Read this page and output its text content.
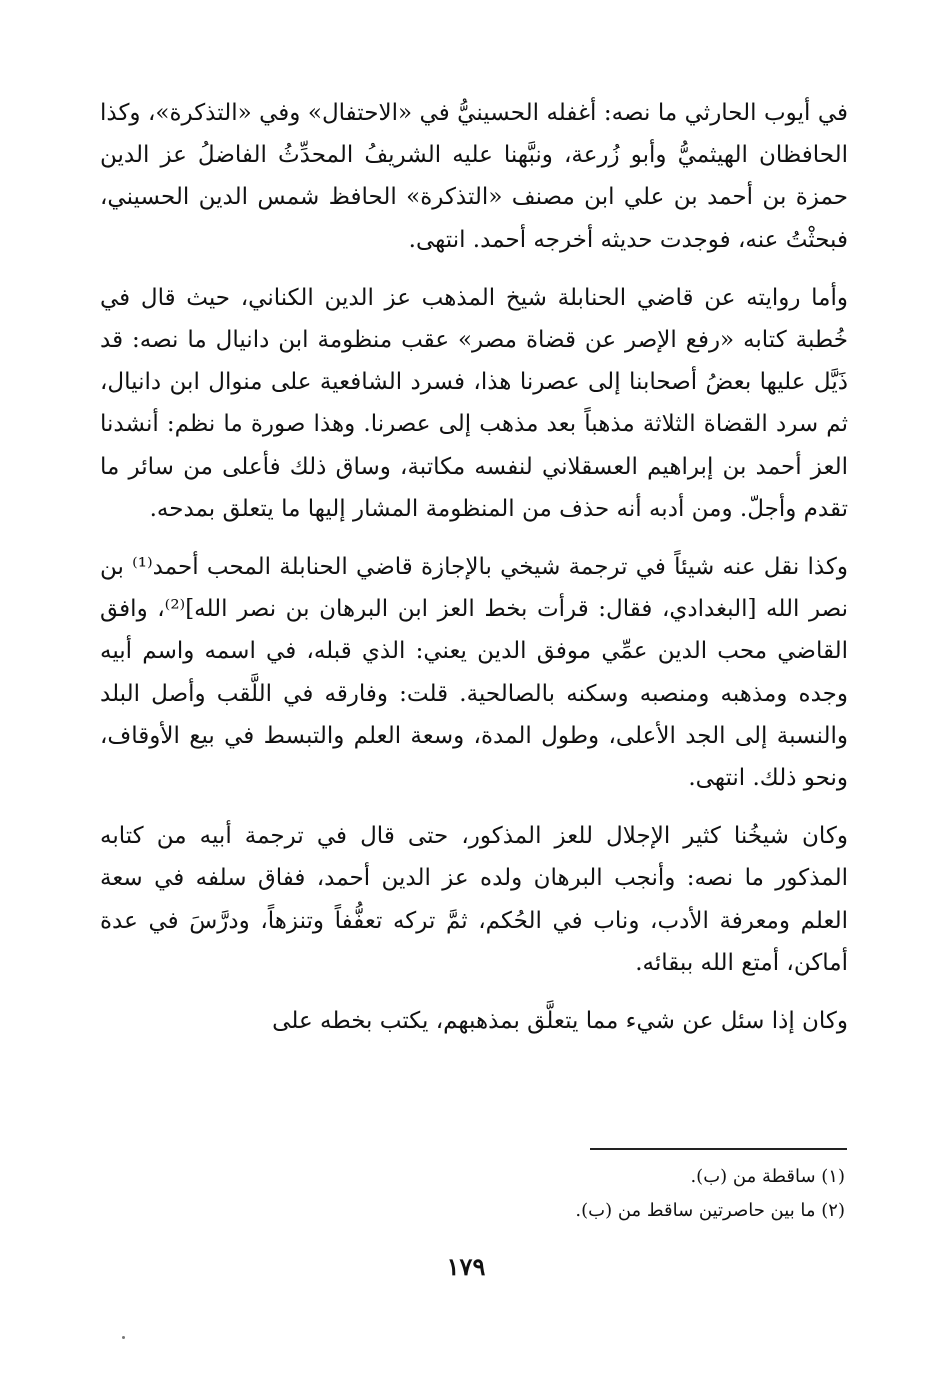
في أيوب الحارثي ما نصه: أغفله الحسينيُّ في «الاحتفال» وفي «التذكرة»، وكذا الحافظان الهيثميُّ وأبو زُرعة، ونبَّهنا عليه الشريفُ المحدِّثُ الفاضلُ عز الدين حمزة بن أحمد بن علي ابن مصنف «التذكرة» الحافظ شمس الدين الحسيني، فبحثْتُ عنه، فوجدت حديثه أخرجه أحمد. انتهى.

وأما روايته عن قاضي الحنابلة شيخ المذهب عز الدين الكناني، حيث قال في خُطبة كتابه «رفع الإصر عن قضاة مصر» عقب منظومة ابن دانيال ما نصه: قد ذَيَّل عليها بعضُ أصحابنا إلى عصرنا هذا، فسرد الشافعية على منوال ابن دانيال، ثم سرد القضاة الثلاثة مذهباً بعد مذهب إلى عصرنا. وهذا صورة ما نظم: أنشدنا العز أحمد بن إبراهيم العسقلاني لنفسه مكاتبة، وساق ذلك فأعلى من سائر ما تقدم وأجلّ. ومن أدبه أنه حذف من المنظومة المشار إليها ما يتعلق بمدحه.

وكذا نقل عنه شيئاً في ترجمة شيخي بالإجازة قاضي الحنابلة المحب أحمد⁽¹⁾ بن نصر الله [البغدادي، فقال: قرأت بخط العز ابن البرهان بن نصر الله]⁽²⁾، وافق القاضي محب الدين عمِّي موفق الدين يعني: الذي قبله، في اسمه واسم أبيه وجده ومذهبه ومنصبه وسكنه بالصالحية. قلت: وفارقه في اللَّقب وأصل البلد والنسبة إلى الجد الأعلى، وطول المدة، وسعة العلم والتبسط في بيع الأوقاف، ونحو ذلك. انتهى.

وكان شيخُنا كثير الإجلال للعز المذكور، حتى قال في ترجمة أبيه من كتابه المذكور ما نصه: وأنجب البرهان ولده عز الدين أحمد، ففاق سلفه في سعة العلم ومعرفة الأدب، وناب في الحُكم، ثمَّ تركه تعفُّفاً وتنزهاً، ودرَّسَ في عدة أماكن، أمتع الله ببقائه.

وكان إذا سئل عن شيء مما يتعلَّق بمذهبهم، يكتب بخطه على

(١) ساقطة من (ب).

(٢) ما بين حاصرتين ساقط من (ب).

١٧٩
